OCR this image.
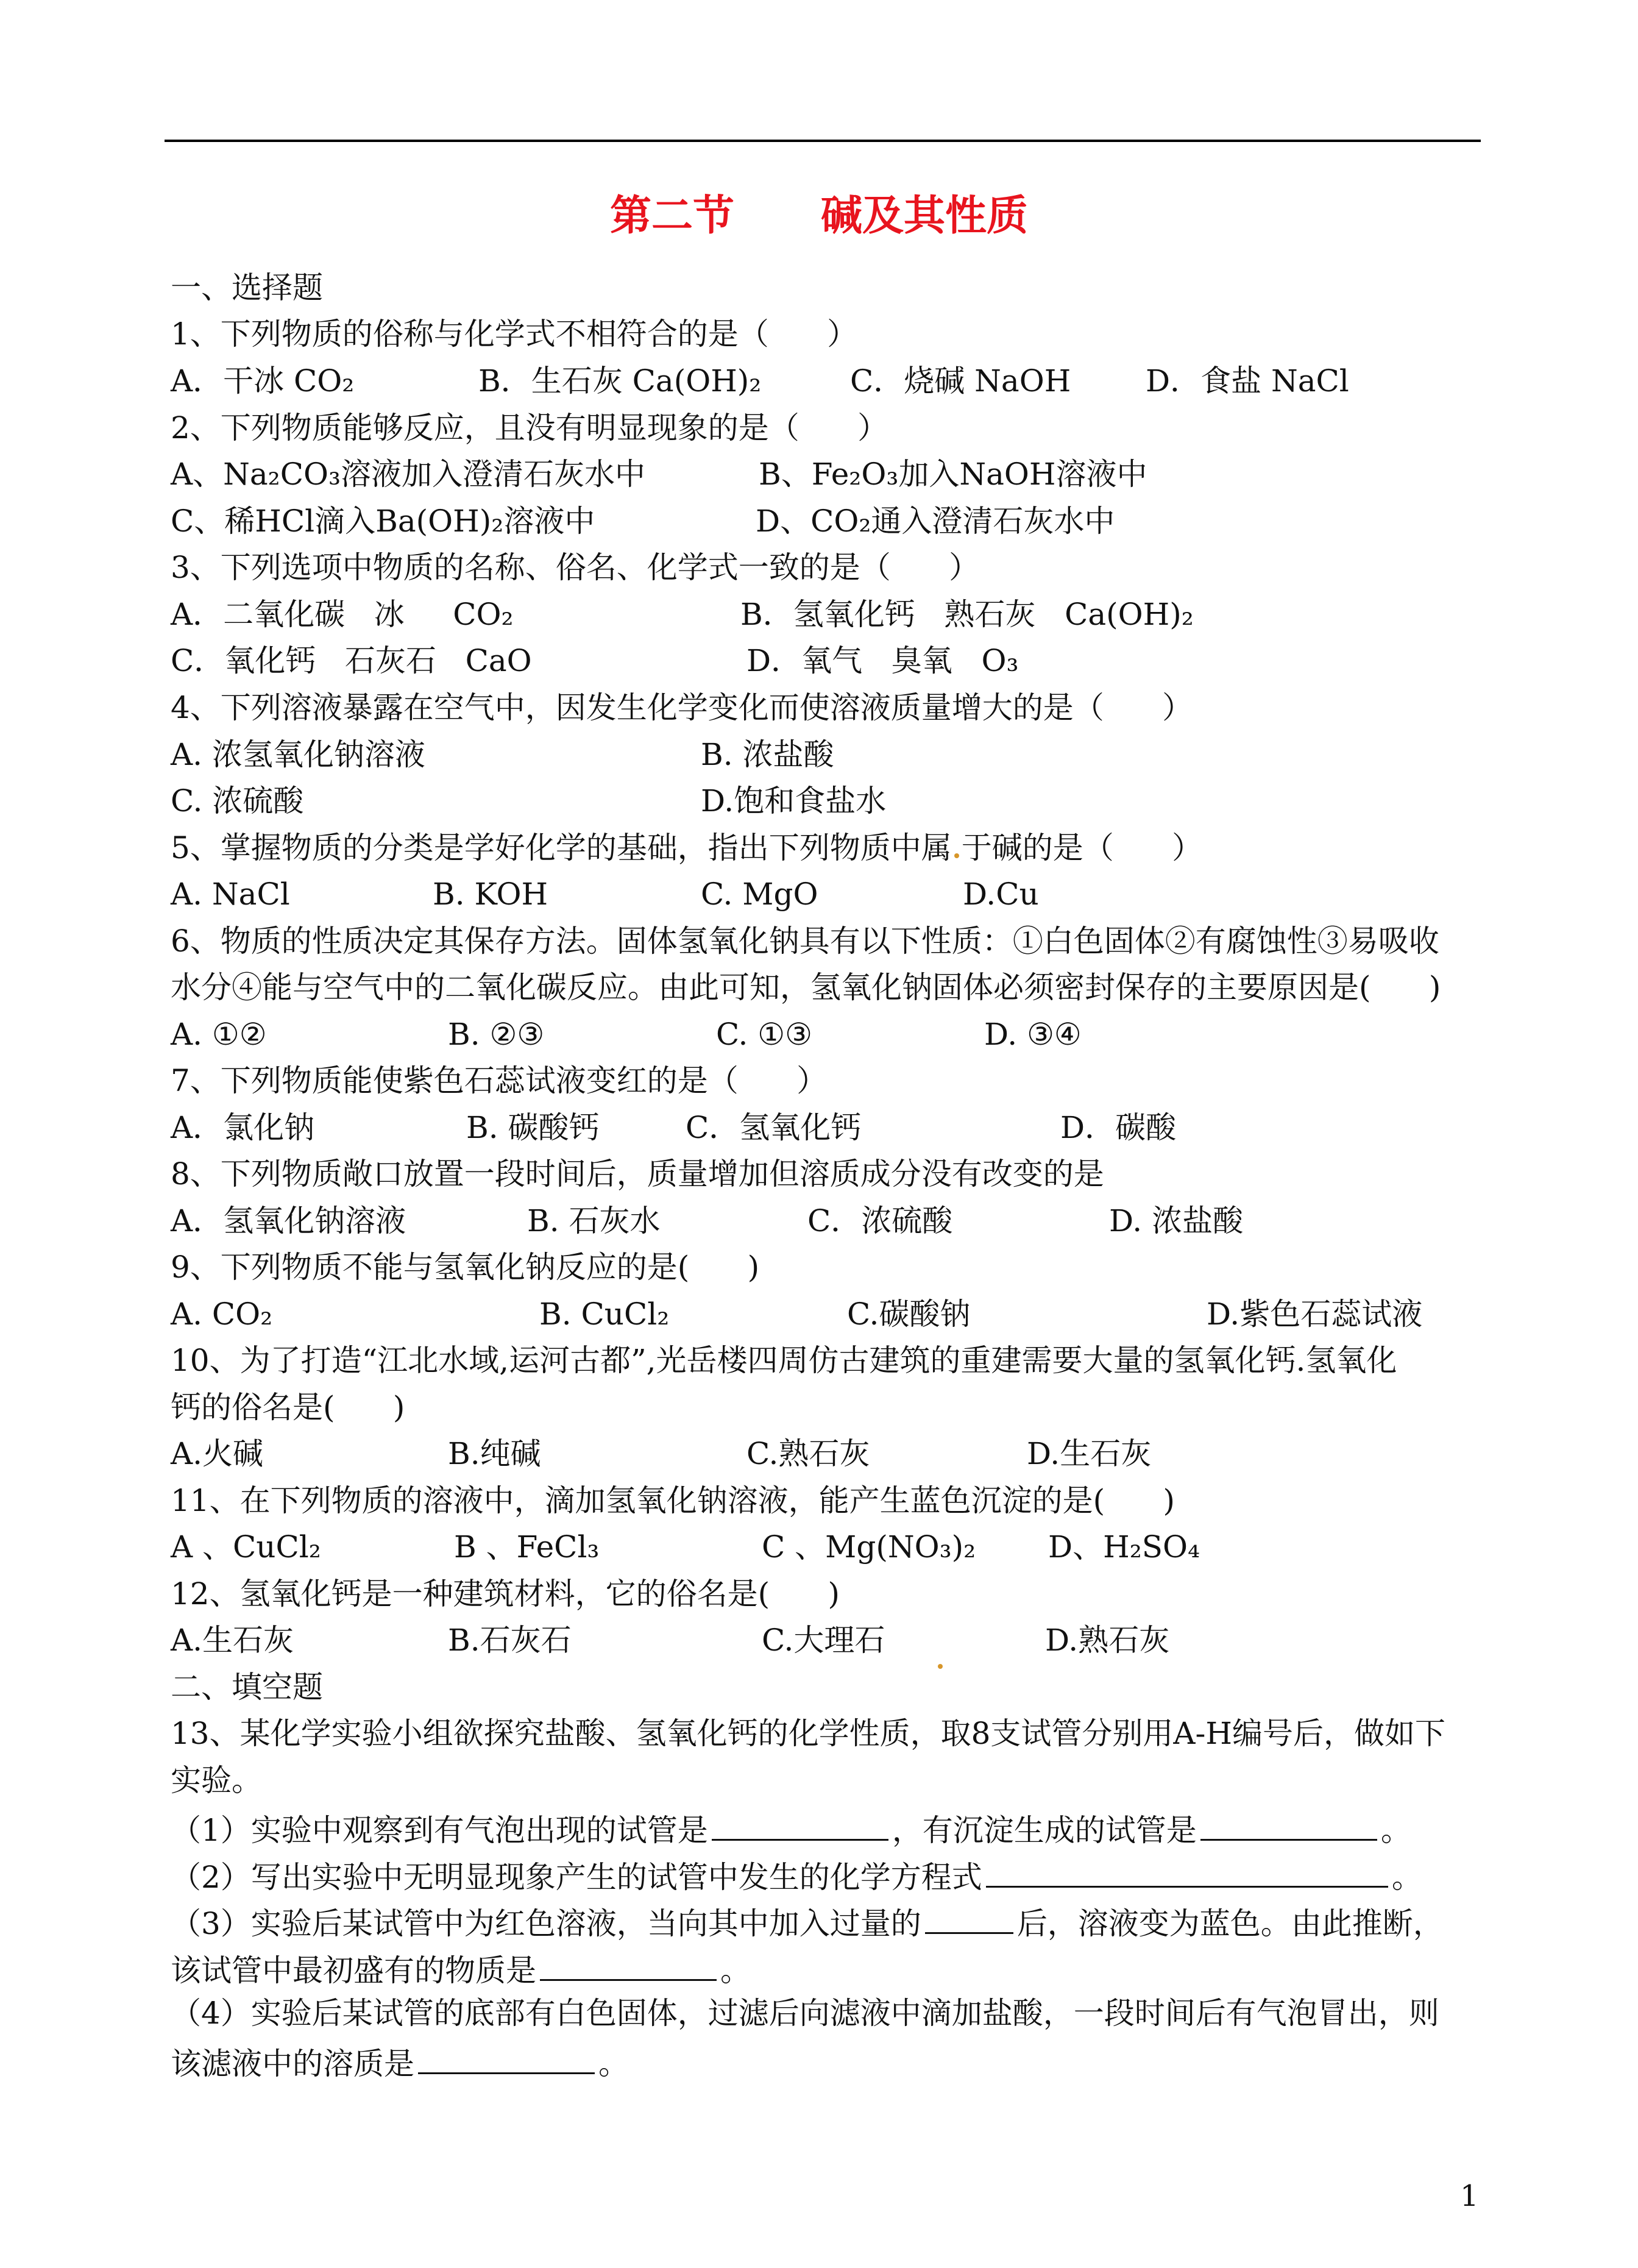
第二节      碱及其性质
一、选择题
1、下列物质的俗称与化学式不相符合的是（      ）

A．干冰 CO₂

	B．生石灰 Ca(OH)₂

	C．烧碱 NaOH

D．食盐 NaCl

2、下列物质能够反应，且没有明显现象的是（      ）

A、Na₂CO₃溶液加入澄清石灰水中

	B、Fe₂O₃加入NaOH溶液中

C、稀HCl滴入Ba(OH)₂溶液中

	D、CO₂通入澄清石灰水中

3、下列选项中物质的名称、俗名、化学式一致的是（      ）

A．二氧化碳   冰     CO₂

	B．氢氧化钙   熟石灰   Ca(OH)₂

C．氧化钙   石灰石   CaO

	D．氧气   臭氧   O₃

4、下列溶液暴露在空气中，因发生化学变化而使溶液质量增大的是（      ）

A. 浓氢氧化钠溶液

	B. 浓盐酸

C. 浓硫酸

	D.饱和食盐水

5、掌握物质的分类是学好化学的基础，指出下列物质中属 于碱的是（      ）

A. NaCl

	B. KOH

	C. MgO

	D.Cu

6、物质的性质决定其保存方法。固体氢氧化钠具有以下性质：①白色固体②有腐蚀性③易吸收
水分④能与空气中的二氧化碳反应。由此可知，氢氧化钠固体必须密封保存的主要原因是(      )

A. ①②

	B. ②③

	C. ①③

	D. ③④

7、下列物质能使紫色石蕊试液变红的是（      ）

A．氯化钠

	B. 碳酸钙

	C．氢氧化钙

	D．碳酸

8、下列物质敞口放置一段时间后，质量增加但溶质成分没有改变的是

A．氢氧化钠溶液

	B. 石灰水

	C．浓硫酸

	D. 浓盐酸

9、下列物质不能与氢氧化钠反应的是(      )

A. CO₂

	B. CuCl₂

	C.碳酸钠

	D.紫色石蕊试液

10、为了打造“江北水域,运河古都”,光岳楼四周仿古建筑的重建需要大量的氢氧化钙.氢氧化
钙的俗名是(      )

A.火碱

	B.纯碱

	C.熟石灰

	D.生石灰

11、在下列物质的溶液中，滴加氢氧化钠溶液，能产生蓝色沉淀的是(      )

A 、CuCl₂

	B 、FeCl₃

	C 、Mg(NO₃)₂

D、H₂SO₄

12、氢氧化钙是一种建筑材料，它的俗名是(      )

A.生石灰

	B.石灰石

	C.大理石

	D.熟石灰

二、填空题
13、某化学实验小组欲探究盐酸、氢氧化钙的化学性质，取8支试管分别用A-H编号后，做如下
实验。
（1）实验中观察到有气泡出现的试管是	，有沉淀生成的试管是	。
（2）写出实验中无明显现象产生的试管中发生的化学方程式	。
（3）实验后某试管中为红色溶液，当向其中加入过量的	后，溶液变为蓝色。由此推断，
该试管中最初盛有的物质是	。
（4）实验后某试管的底部有白色固体，过滤后向滤液中滴加盐酸，一段时间后有气泡冒出，则
该滤液中的溶质是	。
1
